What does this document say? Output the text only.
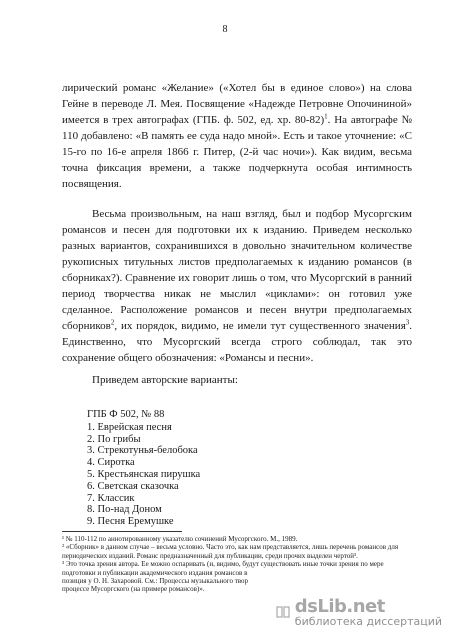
8

лирический романс «Желание» («Хотел бы в единое слово») на слова Гейне в переводе Л. Мея. Посвящение «Надежде Петровне Опочининой» имеется в трех автографах (ГПБ. ф. 502, ед. хр. 80-82)$^1$. На автографе № 110 добавлено: «В память ее суда надо мной». Есть и такое уточнение: «С 15-го по 16-е апреля 1866 г. Питер, (2-й час ночи»). Как видим, весьма точна фиксация времени, а также подчеркнута особая интимность посвящения.

Весьма произвольным, на наш взгляд, был и подбор Мусоргским романсов и песен для подготовки их к изданию. Приведем несколько разных вариантов, сохранившихся в довольно значительном количестве рукописных титульных листов предполагаемых к изданию романсов (в сборниках?). Сравнение их говорит лишь о том, что Мусоргский в ранний период творчества никак не мыслил «циклами»: он готовил уже сделанное. Расположение романсов и песен внутри предполагаемых сборников$^2$, их порядок, видимо, не имели тут существенного значения$^3$. Единственно, что Мусоргский всегда строго соблюдал, так это сохранение общего обозначения: «Романсы и песни».

Приведем авторские варианты:

ГПБ Ф 502, № 88
1. Еврейская песня
2. По грибы
3. Стрекотунья-белобока
4. Сиротка
5. Крестьянская пирушка
6. Светская сказочка
7. Классик
8. По-над Доном
9. Песня Еремушке

¹ № 110-112 по аннотированному указателю сочинений Мусоргского. М., 1989.

² «Сборник» в данном случае – весьма условно. Часто это, как нам представляется, лишь перечень романсов для периодических изданий. Романс предназначенный для публикации, среди прочих выделен чертой³.

³ Это точка зрения автора. Ее можно оспаривать (и, видимо, будут существовать иные точки зрения по мере подготовки и публикации академического издания романсов в

позиция у О. Н. Захаровой. См.: Процессы музыкального твор

процессе Мусоргского (на примере романсов)».

dsLib.net
библиотека диссертаций
